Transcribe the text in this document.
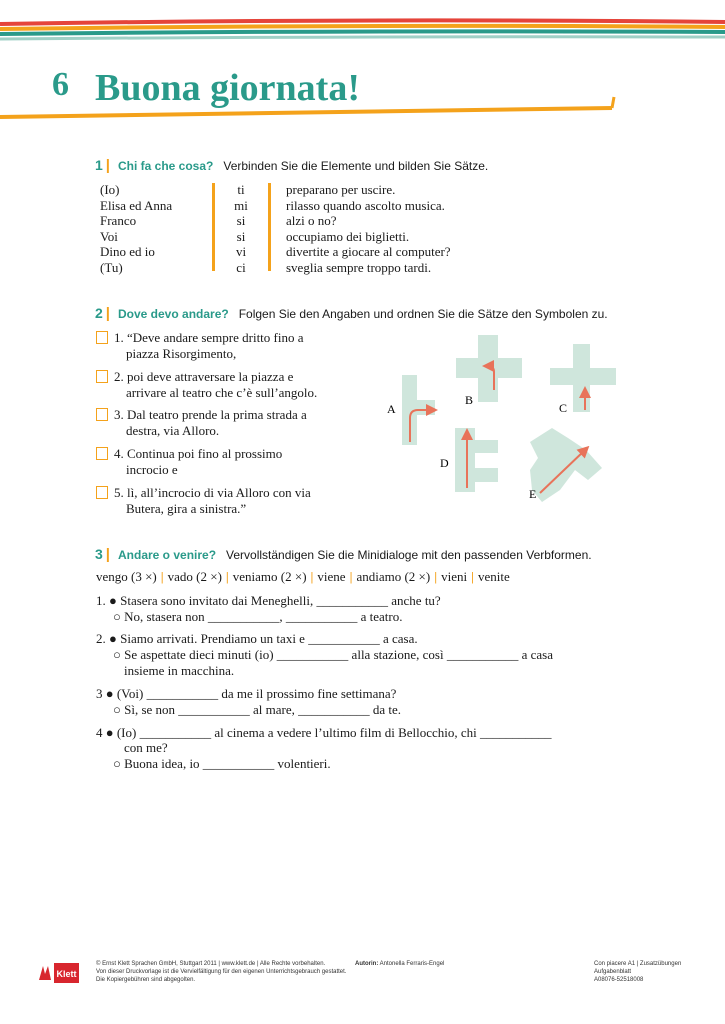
6 Buona giornata!
1 | Chi fa che cosa? Verbinden Sie die Elemente und bilden Sie Sätze.
(Io)
Elisa ed Anna
Franco
Voi
Dino ed io
(Tu)
ti
mi
si
si
vi
ci
preparano per uscire.
rilasso quando ascolto musica.
alzi o no?
occupiamo dei biglietti.
divertite a giocare al computer?
sveglia sempre troppo tardi.
2 | Dove devo andare? Folgen Sie den Angaben und ordnen Sie die Sätze den Symbolen zu.
1. “Deve andare sempre dritto fino a
piazza Risorgimento,
2. poi deve attraversare la piazza e
arrivare al teatro che c’è sull’angolo.
3. Dal teatro prende la prima strada a
destra, via Alloro.
4. Continua poi fino al prossimo
incrocio e
5. lì, all’incrocio di via Alloro con via
Butera, gira a sinistra.”
A
B
C
D
E
3 | Andare o venire? Vervollständigen Sie die Minidialoge mit den passenden Verbformen.
vengo (3 ×) | vado (2 ×) | veniamo (2 ×) | viene | andiamo (2 ×) | vieni | venite
1. ● Stasera sono invitato dai Meneghelli, ___________ anche tu?
○ No, stasera non ___________, ___________ a teatro.
2. ● Siamo arrivati. Prendiamo un taxi e ___________ a casa.
○ Se aspettate dieci minuti (io) ___________ alla stazione, così ___________ a casa
insieme in macchina.
3 ● (Voi) ___________ da me il prossimo fine settimana?
○ Sì, se non ___________ al mare, ___________ da te.
4 ● (Io) ___________ al cinema a vedere l’ultimo film di Bellocchio, chi ___________
con me?
○ Buona idea, io ___________ volentieri.
Klett
© Ernst Klett Sprachen GmbH, Stuttgart 2011 | www.klett.de | Alle Rechte vorbehalten.
Von dieser Druckvorlage ist die Vervielfältigung für den eigenen Unterrichtsgebrauch gestattet.
Die Kopiergebühren sind abgegolten.
Autorin: Antonella Ferraris-Engel	Con piacere A1 | Zusatzübungen
Aufgabenblatt
A08076-52518008
